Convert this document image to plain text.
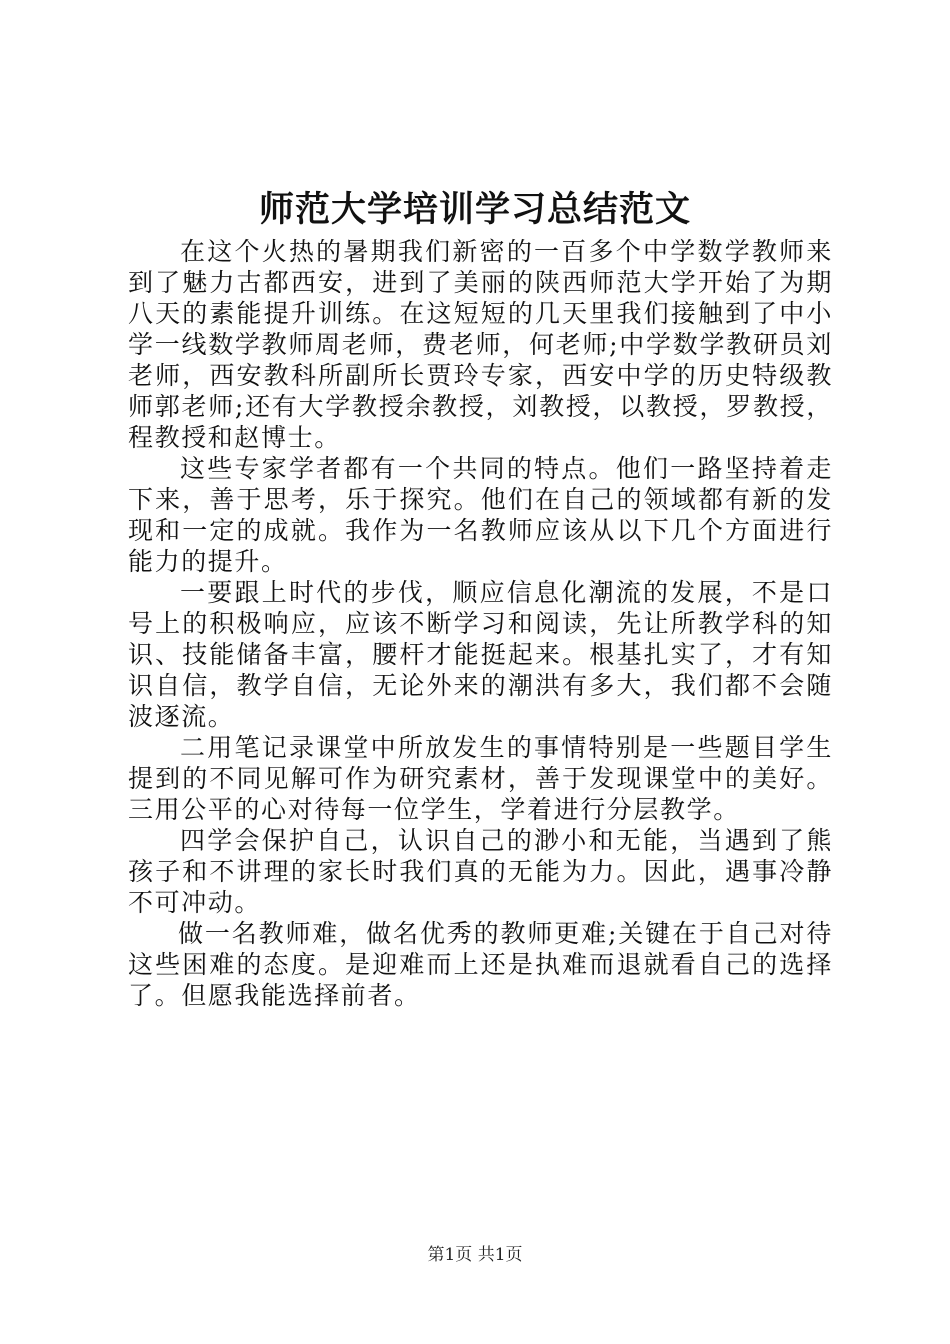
师范大学培训学习总结范文

在这个火热的暑期我们新密的一百多个中学数学教师来到了魅力古都西安，进到了美丽的陕西师范大学开始了为期八天的素能提升训练。在这短短的几天里我们接触到了中小学一线数学教师周老师，费老师，何老师;中学数学教研员刘老师，西安教科所副所长贾玲专家，西安中学的历史特级教师郭老师;还有大学教授余教授，刘教授，以教授，罗教授，程教授和赵博士。

这些专家学者都有一个共同的特点。他们一路坚持着走下来，善于思考，乐于探究。他们在自己的领域都有新的发现和一定的成就。我作为一名教师应该从以下几个方面进行能力的提升。

一要跟上时代的步伐，顺应信息化潮流的发展，不是口号上的积极响应，应该不断学习和阅读，先让所教学科的知识、技能储备丰富，腰杆才能挺起来。根基扎实了，才有知识自信，教学自信，无论外来的潮洪有多大，我们都不会随波逐流。

二用笔记录课堂中所放发生的事情特别是一些题目学生提到的不同见解可作为研究素材，善于发现课堂中的美好。三用公平的心对待每一位学生，学着进行分层教学。

四学会保护自己，认识自己的渺小和无能，当遇到了熊孩子和不讲理的家长时我们真的无能为力。因此，遇事冷静不可冲动。

做一名教师难，做名优秀的教师更难;关键在于自己对待这些困难的态度。是迎难而上还是执难而退就看自己的选择了。但愿我能选择前者。

第1页 共1页
